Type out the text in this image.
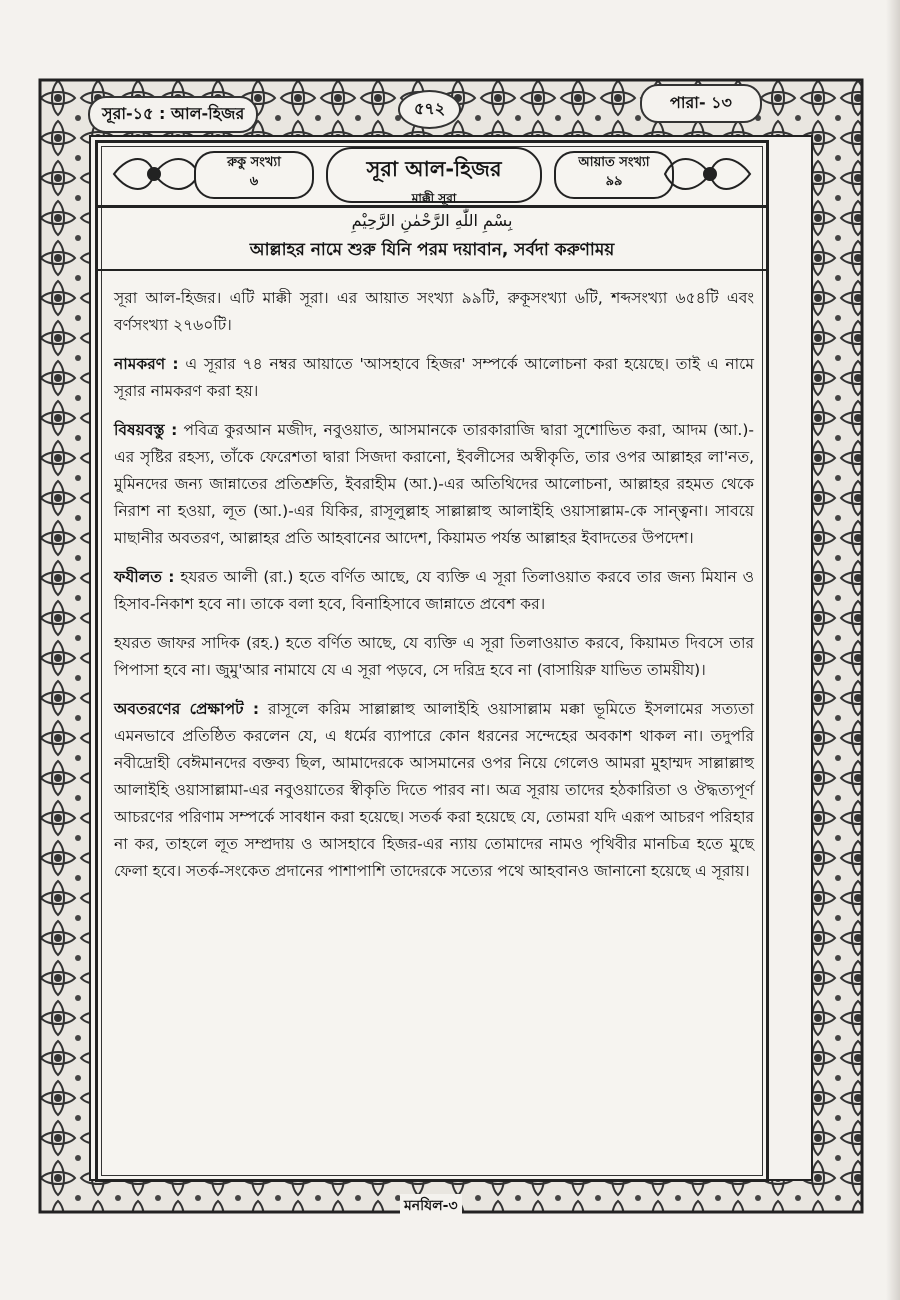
সূরা-১৫ : আল-হিজর	৫৭২	পারা- ১৩
রুকু সংখ্যা
৬
সূরা আল-হিজর
মাক্কী সূরা
আয়াত সংখ্যা
৯৯
بِسْمِ اللّٰهِ الرَّحْمٰنِ الرَّحِیْمِ
আল্লাহর নামে শুরু যিনি পরম দয়াবান, সর্বদা করুণাময়

সূরা আল-হিজর। এটি মাক্কী সূরা। এর আয়াত সংখ্যা ৯৯টি, রুকূসংখ্যা ৬টি, শব্দসংখ্যা ৬৫৪টি এবং বর্ণসংখ্যা ২৭৬০টি।

নামকরণ : এ সূরার ৭৪ নম্বর আয়াতে 'আসহাবে হিজর' সম্পর্কে আলোচনা করা হয়েছে। তাই এ নামে সূরার নামকরণ করা হয়।

বিষয়বস্তু : পবিত্র কুরআন মজীদ, নবুওয়াত, আসমানকে তারকারাজি দ্বারা সুশোভিত করা, আদম (আ.)-এর সৃষ্টির রহস্য, তাঁকে ফেরেশতা দ্বারা সিজদা করানো, ইবলীসের অস্বীকৃতি, তার ওপর আল্লাহর লা'নত, মুমিনদের জন্য জান্নাতের প্রতিশ্রুতি, ইবরাহীম (আ.)-এর অতিথিদের আলোচনা, আল্লাহর রহমত থেকে নিরাশ না হওয়া, লূত (আ.)-এর যিকির, রাসূলুল্লাহ সাল্লাল্লাহু আলাইহি ওয়াসাল্লাম-কে সান্ত্বনা। সাবয়ে মাছানীর অবতরণ, আল্লাহর প্রতি আহবানের আদেশ, কিয়ামত পর্যন্ত আল্লাহর ইবাদতের উপদেশ।

ফযীলত : হযরত আলী (রা.) হতে বর্ণিত আছে, যে ব্যক্তি এ সূরা তিলাওয়াত করবে তার জন্য মিযান ও হিসাব-নিকাশ হবে না। তাকে বলা হবে, বিনাহিসাবে জান্নাতে প্রবেশ কর।

হযরত জাফর সাদিক (রহ.) হতে বর্ণিত আছে, যে ব্যক্তি এ সূরা তিলাওয়াত করবে, কিয়ামত দিবসে তার পিপাসা হবে না। জুমু'আর নামাযে যে এ সূরা পড়বে, সে দরিদ্র হবে না (বাসায়িরু যাভিত তাময়ীয)।

অবতরণের প্রেক্ষাপট : রাসূলে করিম সাল্লাল্লাহু আলাইহি ওয়াসাল্লাম মক্কা ভূমিতে ইসলামের সত্যতা এমনভাবে প্রতিষ্ঠিত করলেন যে, এ ধর্মের ব্যাপারে কোন ধরনের সন্দেহের অবকাশ থাকল না। তদুপরি নবীদ্রোহী বেঈমানদের বক্তব্য ছিল, আমাদেরকে আসমানের ওপর নিয়ে গেলেও আমরা মুহাম্মদ সাল্লাল্লাহু আলাইহি ওয়াসাল্লামা-এর নবুওয়াতের স্বীকৃতি দিতে পারব না। অত্র সূরায় তাদের হঠকারিতা ও ঔদ্ধত্যপূর্ণ আচরণের পরিণাম সম্পর্কে সাবধান করা হয়েছে। সতর্ক করা হয়েছে যে, তোমরা যদি এরূপ আচরণ পরিহার না কর, তাহলে লূত সম্প্রদায় ও আসহাবে হিজর-এর ন্যায় তোমাদের নামও পৃথিবীর মানচিত্র হতে মুছে ফেলা হবে। সতর্ক-সংকেত প্রদানের পাশাপাশি তাদেরকে সত্যের পথে আহবানও জানানো হয়েছে এ সূরায়।

মনযিল-৩
